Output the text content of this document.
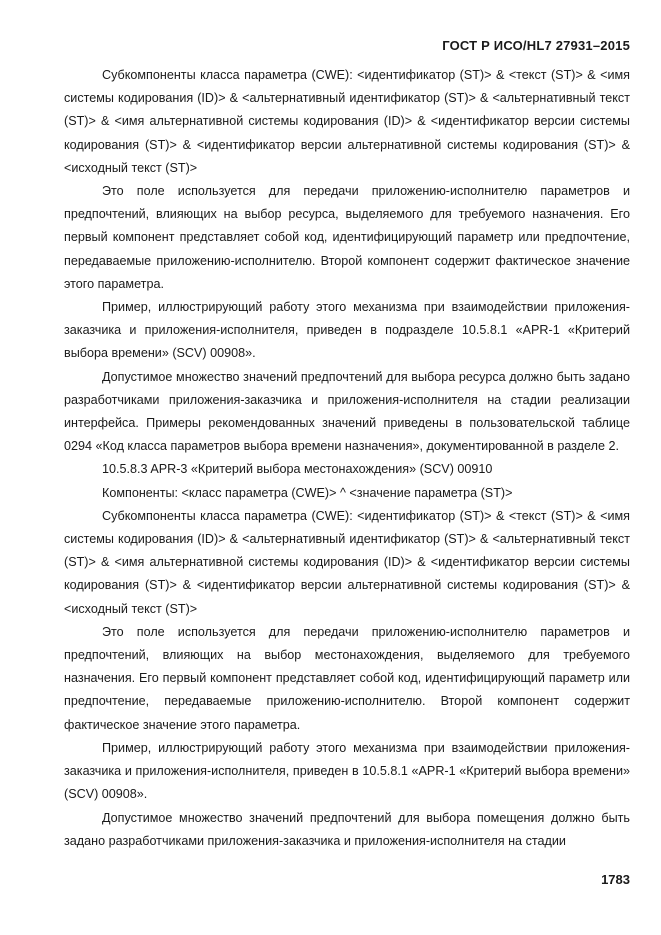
ГОСТ Р ИСО/HL7 27931–2015

Субкомпоненты класса параметра (CWE): <идентификатор (ST)> & <текст (ST)> & <имя системы кодирования (ID)> & <альтернативный идентификатор (ST)> & <альтернативный текст (ST)> & <имя альтернативной системы кодирования (ID)> & <идентификатор версии системы кодирования (ST)> & <идентификатор версии альтернативной системы кодирования (ST)> & <исходный текст (ST)>

Это поле используется для передачи приложению-исполнителю параметров и предпочтений, влияющих на выбор ресурса, выделяемого для требуемого назначения. Его первый компонент представляет собой код, идентифицирующий параметр или предпочтение, передаваемые приложению-исполнителю. Второй компонент содержит фактическое значение этого параметра.

Пример, иллюстрирующий работу этого механизма при взаимодействии приложения-заказчика и приложения-исполнителя, приведен в подразделе 10.5.8.1 «APR-1 «Критерий выбора времени» (SCV) 00908».

Допустимое множество значений предпочтений для выбора ресурса должно быть задано разработчиками приложения-заказчика и приложения-исполнителя на стадии реализации интерфейса. Примеры рекомендованных значений приведены в пользовательской таблице 0294 «Код класса параметров выбора времени назначения», документированной в разделе 2.

10.5.8.3 APR-3 «Критерий выбора местонахождения» (SCV) 00910

Компоненты: <класс параметра (CWE)> ^ <значение параметра (ST)>

Субкомпоненты класса параметра (CWE): <идентификатор (ST)> & <текст (ST)> & <имя системы кодирования (ID)> & <альтернативный идентификатор (ST)> & <альтернативный текст (ST)> & <имя альтернативной системы кодирования (ID)> & <идентификатор версии системы кодирования (ST)> & <идентификатор версии альтернативной системы кодирования (ST)> & <исходный текст (ST)>

Это поле используется для передачи приложению-исполнителю параметров и предпочтений, влияющих на выбор местонахождения, выделяемого для требуемого назначения. Его первый компонент представляет собой код, идентифицирующий параметр или предпочтение, передаваемые приложению-исполнителю. Второй компонент содержит фактическое значение этого параметра.

Пример, иллюстрирующий работу этого механизма при взаимодействии приложения-заказчика и приложения-исполнителя, приведен в 10.5.8.1 «APR-1 «Критерий выбора времени» (SCV) 00908».

Допустимое множество значений предпочтений для выбора помещения должно быть задано разработчиками приложения-заказчика и приложения-исполнителя на стадии

1783
